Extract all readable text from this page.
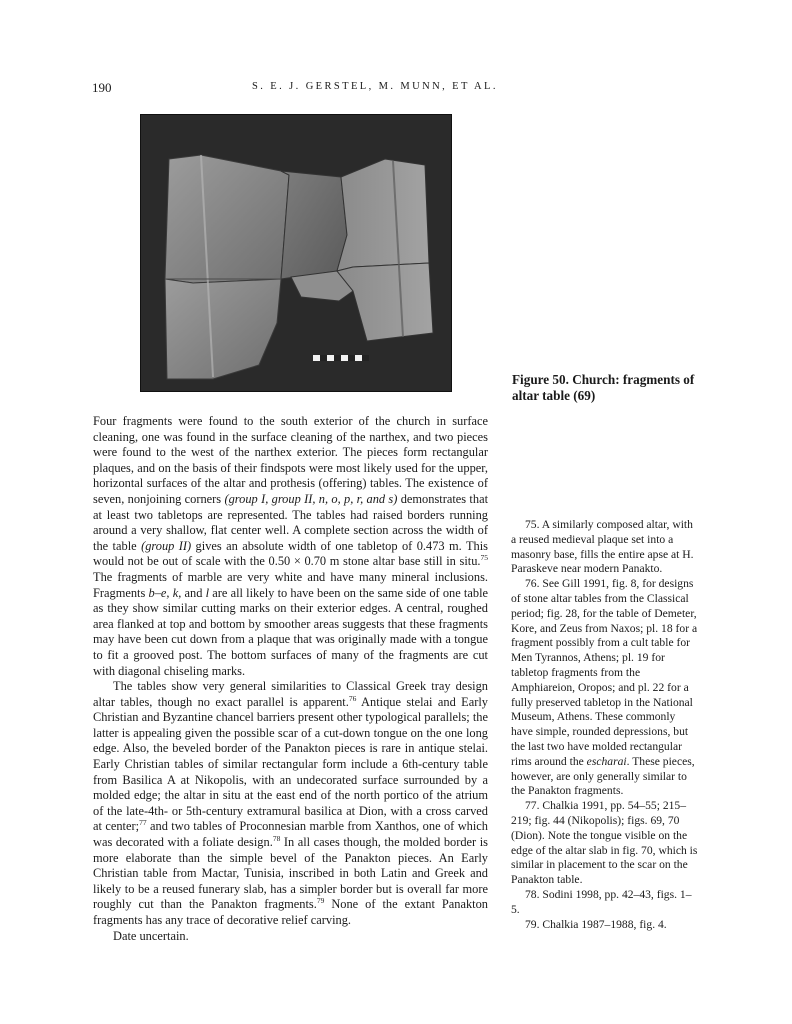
190	S. E. J. GERSTEL, M. MUNN, ET AL.
Figure 50. Church: fragments of altar table (69)

Four fragments were found to the south exterior of the church in surface cleaning, one was found in the surface cleaning of the narthex, and two pieces were found to the west of the narthex exterior. The pieces form rectangular plaques, and on the basis of their findspots were most likely used for the upper, horizontal surfaces of the altar and prothesis (offering) tables. The existence of seven, nonjoining corners (group I, group II, n, o, p, r, and s) demonstrates that at least two tabletops are represented. The tables had raised borders running around a very shallow, flat center well. A complete section across the width of the table (group II) gives an absolute width of one tabletop of 0.473 m. This would not be out of scale with the 0.50 × 0.70 m stone altar base still in situ.$^{75}$ The fragments of marble are very white and have many mineral inclusions. Fragments b–e, k, and l are all likely to have been on the same side of one table as they show similar cutting marks on their exterior edges. A central, roughed area flanked at top and bottom by smoother areas suggests that these fragments may have been cut down from a plaque that was originally made with a tongue to fit a grooved post. The bottom surfaces of many of the fragments are cut with diagonal chiseling marks.

The tables show very general similarities to Classical Greek tray design altar tables, though no exact parallel is apparent.$^{76}$ Antique stelai and Early Christian and Byzantine chancel barriers present other typological parallels; the latter is appealing given the possible scar of a cut-down tongue on the one long edge. Also, the beveled border of the Panakton pieces is rare in antique stelai. Early Christian tables of similar rectangular form include a 6th-century table from Basilica A at Nikopolis, with an undecorated surface surrounded by a molded edge; the altar in situ at the east end of the north portico of the atrium of the late-4th- or 5th-century extramural basilica at Dion, with a cross carved at center;$^{77}$ and two tables of Proconnesian marble from Xanthos, one of which was decorated with a foliate design.$^{78}$ In all cases though, the molded border is more elaborate than the simple bevel of the Panakton pieces. An Early Christian table from Mactar, Tunisia, inscribed in both Latin and Greek and likely to be a reused funerary slab, has a simpler border but is overall far more roughly cut than the Panakton fragments.$^{79}$ None of the extant Panakton fragments has any trace of decorative relief carving.

Date uncertain.

75. A similarly composed altar, with a reused medieval plaque set into a masonry base, fills the entire apse at H. Paraskeve near modern Panakto.

76. See Gill 1991, fig. 8, for designs of stone altar tables from the Classical period; fig. 28, for the table of Demeter, Kore, and Zeus from Naxos; pl. 18 for a fragment possibly from a cult table for Men Tyrannos, Athens; pl. 19 for tabletop fragments from the Amphiareion, Oropos; and pl. 22 for a fully preserved tabletop in the National Museum, Athens. These commonly have simple, rounded depressions, but the last two have molded rectangular rims around the escharai. These pieces, however, are only generally similar to the Panakton fragments.

77. Chalkia 1991, pp. 54–55; 215–219; fig. 44 (Nikopolis); figs. 69, 70 (Dion). Note the tongue visible on the edge of the altar slab in fig. 70, which is similar in placement to the scar on the Panakton table.

78. Sodini 1998, pp. 42–43, figs. 1–5.

79. Chalkia 1987–1988, fig. 4.
